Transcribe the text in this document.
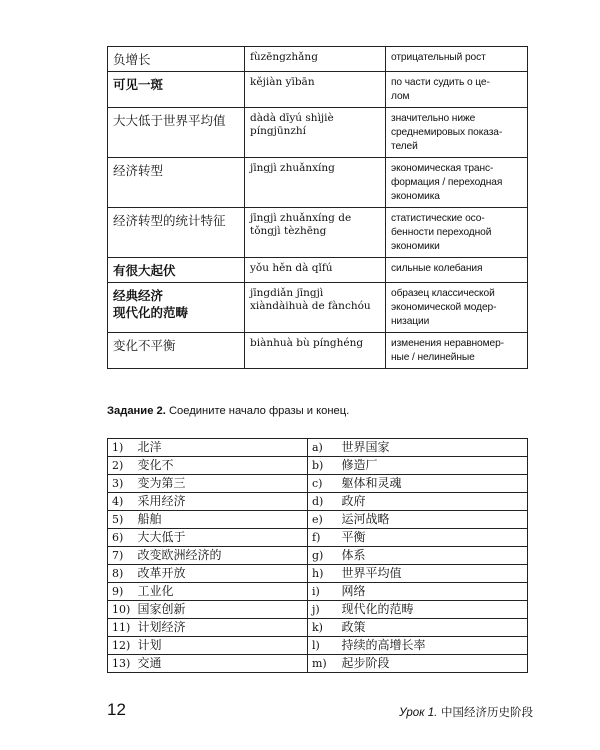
负增长	fùzēngzhǎng	отрицательный рост

可见一斑	kějiàn yībān	по части судить о це-
лом

大大低于世界平均值	dàdà dīyú shìjiè
píngjūnzhí	значительно ниже
среднемировых показа-
телей

经济转型	jīngjì zhuǎnxíng	экономическая транс-
формация / переходная
экономика

经济转型的统计特征	jīngjì zhuǎnxíng de
tǒngjì tèzhēng	статистические осо-
бенности переходной
экономики

有很大起伏	yǒu hěn dà qǐfú	сильные колебания

经典经济
现代化的范畴	jīngdiǎn jīngjì
xiàndàihuà de fànchóu	образец классической
экономической модер-
низации

变化不平衡	biànhuà bù pínghéng	изменения неравномер-
ные / нелинейные
Задание 2. Соедините начало фразы и конец.
1)	北洋	a)	世界国家
2)	变化不	b)	修造厂
3)	变为第三	c)	躯体和灵魂
4)	采用经济	d)	政府
5)	船舶	e)	运河战略
6)	大大低于	f)	平衡
7)	改变欧洲经济的	g)	体系
8)	改革开放	h)	世界平均值
9)	工业化	i)	网络
10)	国家创新	j)	现代化的范畴
11)	计划经济	k)	政策
12)	计划	l)	持续的高增长率
13)	交通	m)	起步阶段
12	Урок 1. 中国经济历史阶段
